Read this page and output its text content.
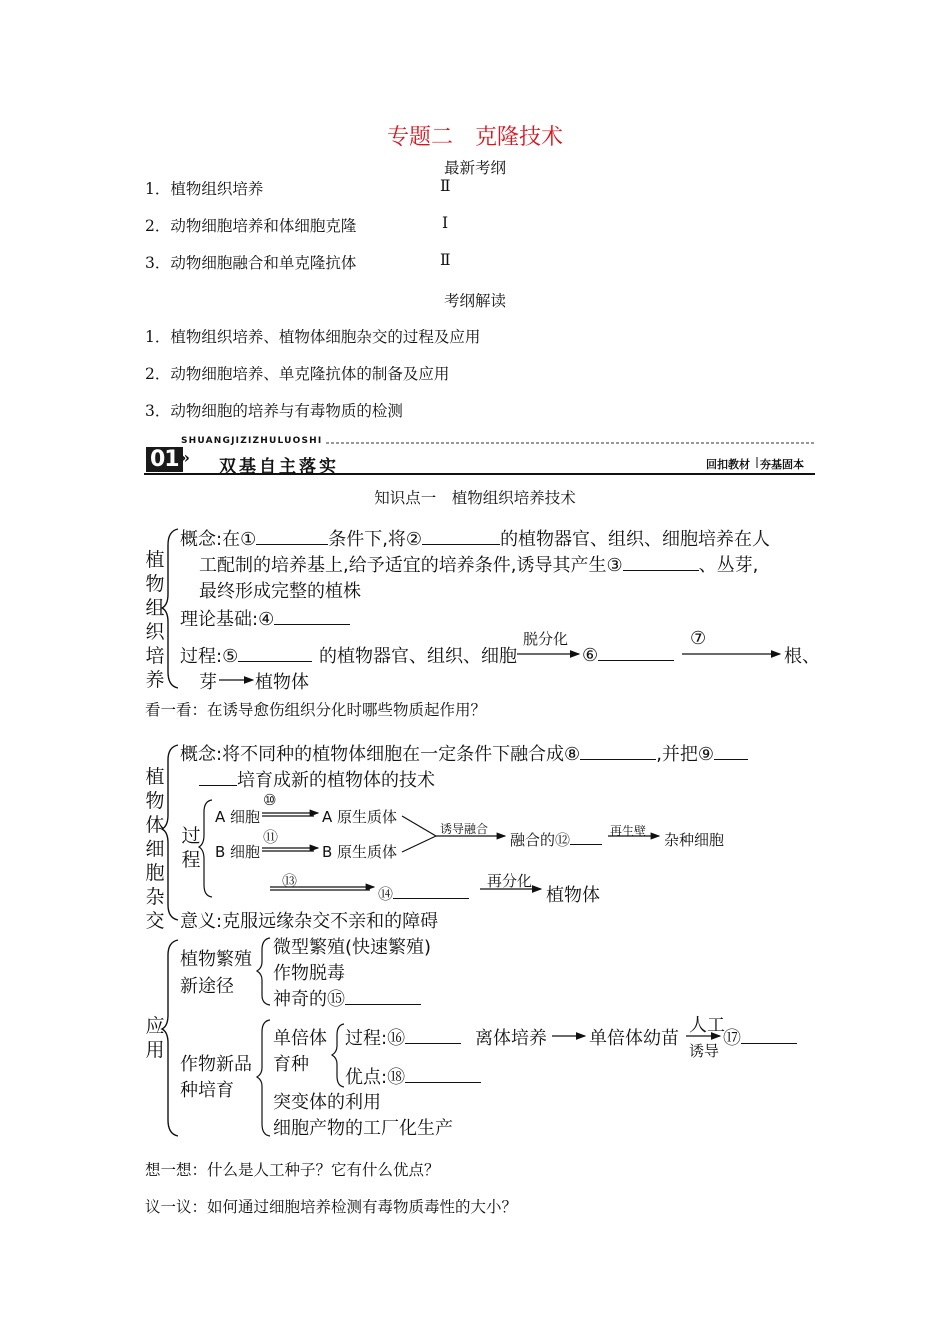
专题二　克隆技术
最新考纲
1．植物组织培养	Ⅱ
2．动物细胞培养和体细胞克隆	Ⅰ
3．动物细胞融合和单克隆抗体	Ⅱ
考纲解读
1．植物组织培养、植物体细胞杂交的过程及应用
2．动物细胞培养、单克隆抗体的制备及应用
3．动物细胞的培养与有毒物质的检测
01 »
SHUANGJIZIZHULUOSHI
双基自主落实	回扣教材 夯基固本
知识点一　植物组织培养技术
植物组织培养
概念:在①	条件下,将②	的植物器官、组织、细胞培养在人
工配制的培养基上,给予适宜的培养条件,诱导其产生③	、丛芽,
最终形成完整的植株
理论基础:④
过程:⑤	的植物器官、组织、细胞
脱分化
⑥
⑦
根、
芽 植物体
看一看：在诱导愈伤组织分化时哪些物质起作用？
植物体细胞杂交
概念:将不同种的植物体细胞在一定条件下融合成⑧	,并把⑨
培育成新的植物体的技术
过程
A 细胞
⑩
A 原生质体
B 细胞
⑪
B 原生质体
诱导融合
融合的⑫	再生壁 杂种细胞
⑬
⑭
再分化
植物体
意义:克服远缘杂交不亲和的障碍
应用
植物繁殖
新途径
微型繁殖(快速繁殖)
作物脱毒
神奇的⑮
作物新品
种培育
单倍体
育种
过程:⑯	离体培养 单倍体幼苗
人工
诱导
⑰
优点:⑱
突变体的利用
细胞产物的工厂化生产
想一想：什么是人工种子？它有什么优点？
议一议：如何通过细胞培养检测有毒物质毒性的大小？
